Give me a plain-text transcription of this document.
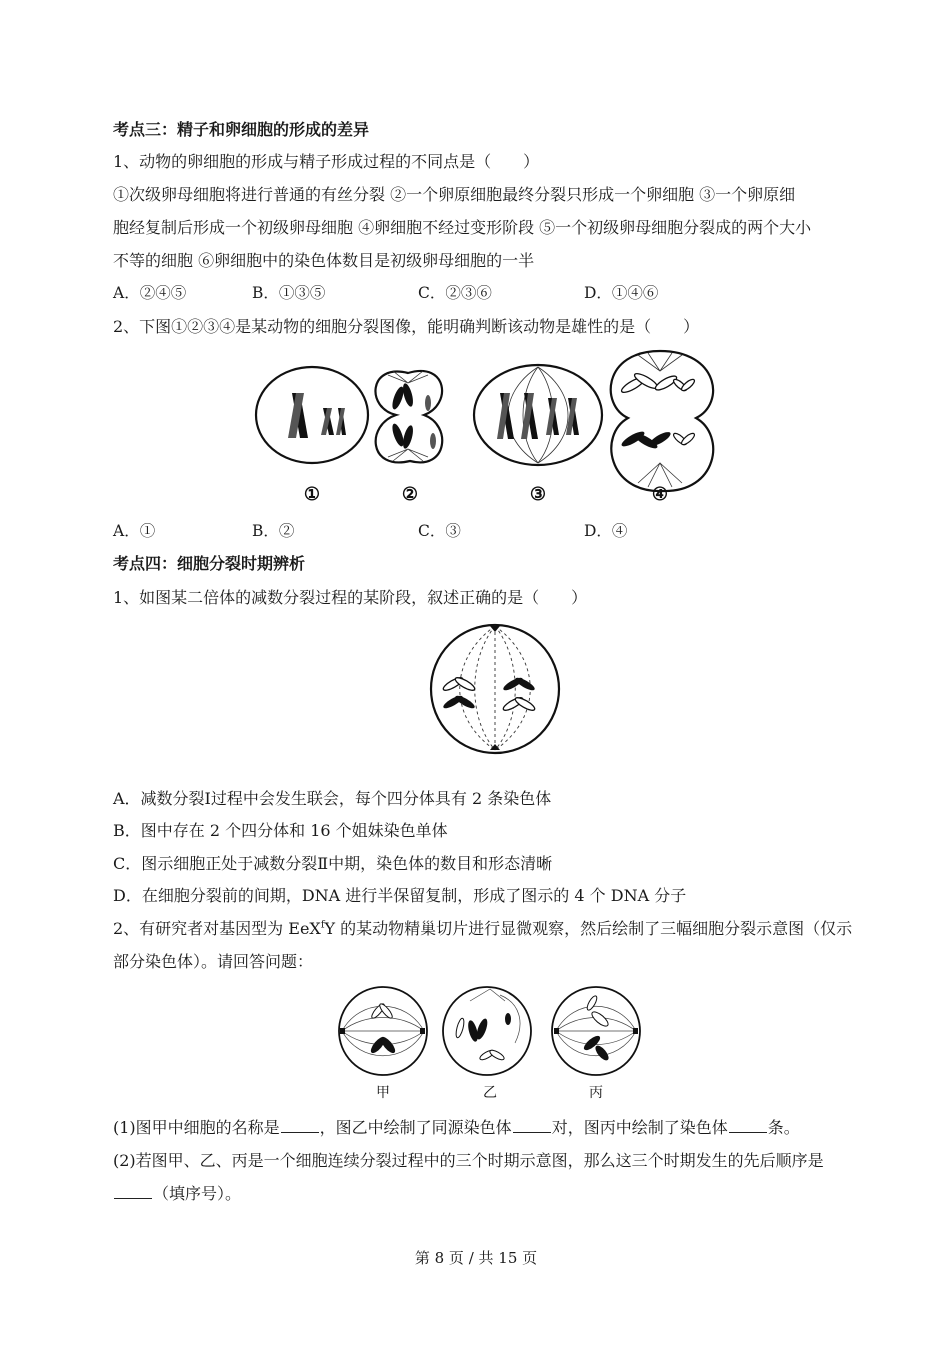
考点三：精子和卵细胞的形成的差异
1、动物的卵细胞的形成与精子形成过程的不同点是（　　）
①次级卵母细胞将进行普通的有丝分裂 ②一个卵原细胞最终分裂只形成一个卵细胞 ③一个卵原细
胞经复制后形成一个初级卵母细胞 ④卵细胞不经过变形阶段 ⑤一个初级卵母细胞分裂成的两个大小
不等的细胞 ⑥卵细胞中的染色体数目是初级卵母细胞的一半
A．②④⑤	B．①③⑤	C．②③⑥	D．①④⑥
2、下图①②③④是某动物的细胞分裂图像，能明确判断该动物是雄性的是（　　）
①	②	③	④
A．①	B．②	C．③	D．④
考点四：细胞分裂时期辨析
1、如图某二倍体的减数分裂过程的某阶段，叙述正确的是（　　）
A．减数分裂Ⅰ过程中会发生联会，每个四分体具有 2 条染色体
B．图中存在 2 个四分体和 16 个姐妹染色单体
C．图示细胞正处于减数分裂Ⅱ中期，染色体的数目和形态清晰
D．在细胞分裂前的间期，DNA 进行半保留复制，形成了图示的 4 个 DNA 分子
2、有研究者对基因型为 EeX$^f$Y 的某动物精巢切片进行显微观察，然后绘制了三幅细胞分裂示意图（仅示
部分染色体）。请回答问题：
甲	乙	丙
(1)图甲中细胞的名称是	，图乙中绘制了同源染色体	对，图丙中绘制了染色体	条。
(2)若图甲、乙、丙是一个细胞连续分裂过程中的三个时期示意图，那么这三个时期发生的先后顺序是
（填序号）。
第 8 页 / 共 15 页
